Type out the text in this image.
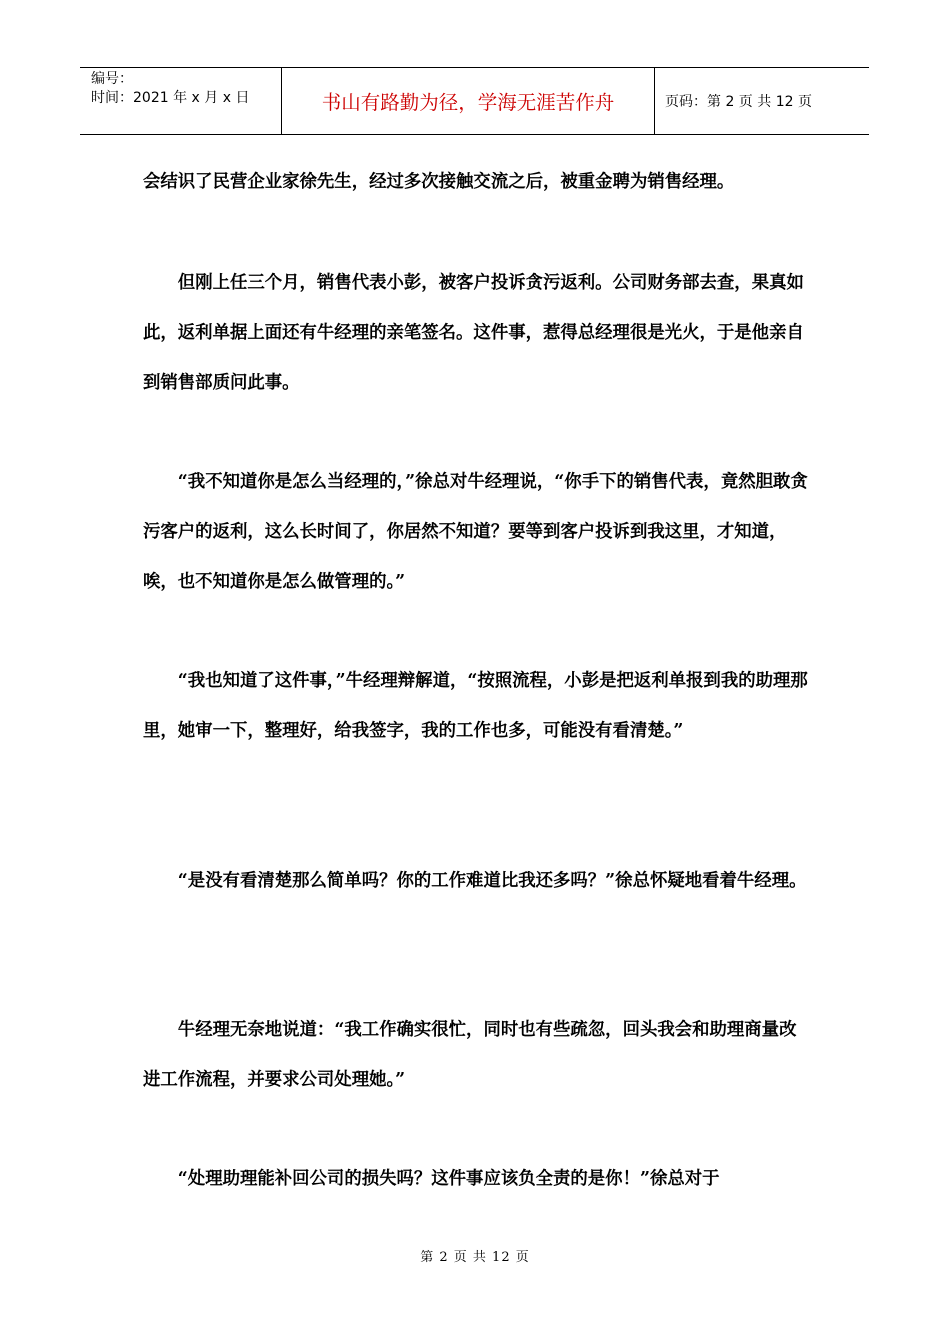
编号：
时间：2021 年 x 月 x 日	书山有路勤为径，学海无涯苦作舟	页码：第 2 页 共 12 页

会结识了民营企业家徐先生，经过多次接触交流之后，被重金聘为销售经理。

但刚上任三个月，销售代表小彭，被客户投诉贪污返利。公司财务部去查，果真如此，返利单据上面还有牛经理的亲笔签名。这件事，惹得总经理很是光火，于是他亲自到销售部质问此事。

“我不知道你是怎么当经理的，”徐总对牛经理说，“你手下的销售代表，竟然胆敢贪污客户的返利，这么长时间了，你居然不知道？要等到客户投诉到我这里，才知道，唉，也不知道你是怎么做管理的。”

“我也知道了这件事，”牛经理辩解道，“按照流程，小彭是把返利单报到我的助理那里，她审一下，整理好，给我签字，我的工作也多，可能没有看清楚。”

“是没有看清楚那么简单吗？你的工作难道比我还多吗？”徐总怀疑地看着牛经理。

牛经理无奈地说道：“我工作确实很忙，同时也有些疏忽，回头我会和助理商量改进工作流程，并要求公司处理她。”

“处理助理能补回公司的损失吗？这件事应该负全责的是你！”徐总对于

第 2 页 共 12 页
